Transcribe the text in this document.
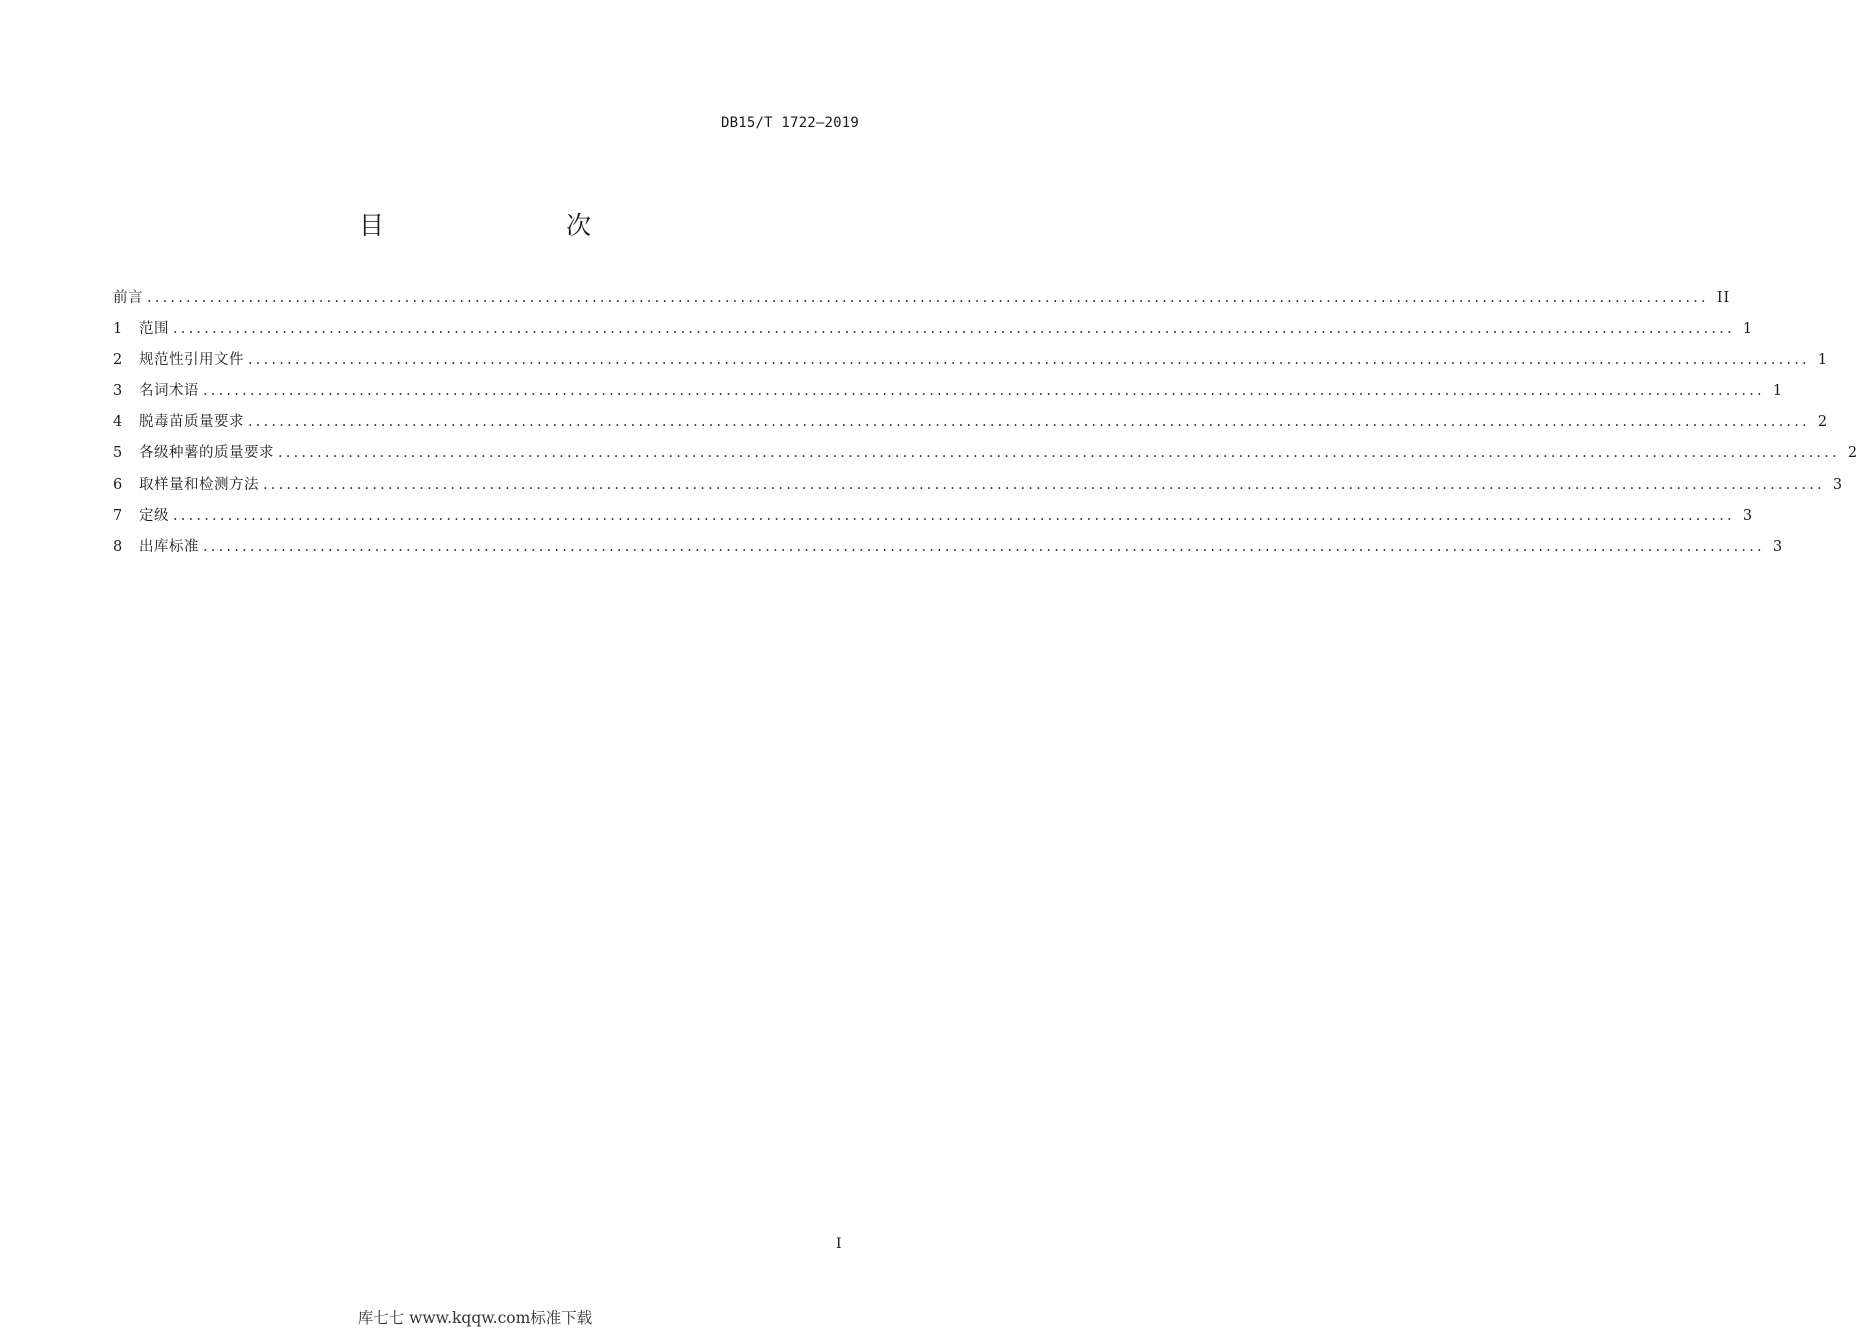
DB15/T 1722—2019
目　　次
前言 ........................................................................................................................................................................................................ II
1	范围 ........................................................................................................................................................................................................ 1
2	规范性引用文件 ........................................................................................................................................................................................................ 1
3	名词术语 ........................................................................................................................................................................................................ 1
4	脱毒苗质量要求 ........................................................................................................................................................................................................ 2
5	各级种薯的质量要求 ........................................................................................................................................................................................................ 2
6	取样量和检测方法 ........................................................................................................................................................................................................ 3
7	定级 ........................................................................................................................................................................................................ 3
8	出库标准 ........................................................................................................................................................................................................ 3
I
库七七 www.kqqw.com标准下载
